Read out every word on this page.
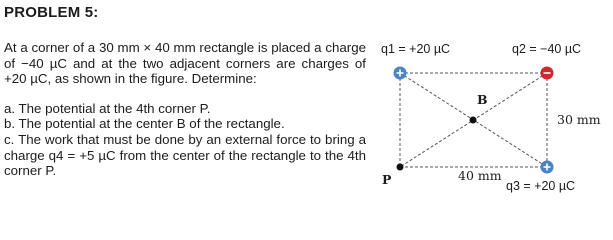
PROBLEM 5:

At a corner of a 30 mm × 40 mm rectangle is placed a charge of −40 µC and at the two adjacent corners are charges of +20 µC, as shown in the figure. Determine:

a. The potential at the 4th corner P.
b. The potential at the center B of the rectangle.
c. The work that must be done by an external force to bring a charge q4 = +5 µC from the center of the rectangle to the 4th corner P.

q1 = +20 µC	q2 = −40 µC
q3 = +20 µC
B
P	40 mm
30 mm
